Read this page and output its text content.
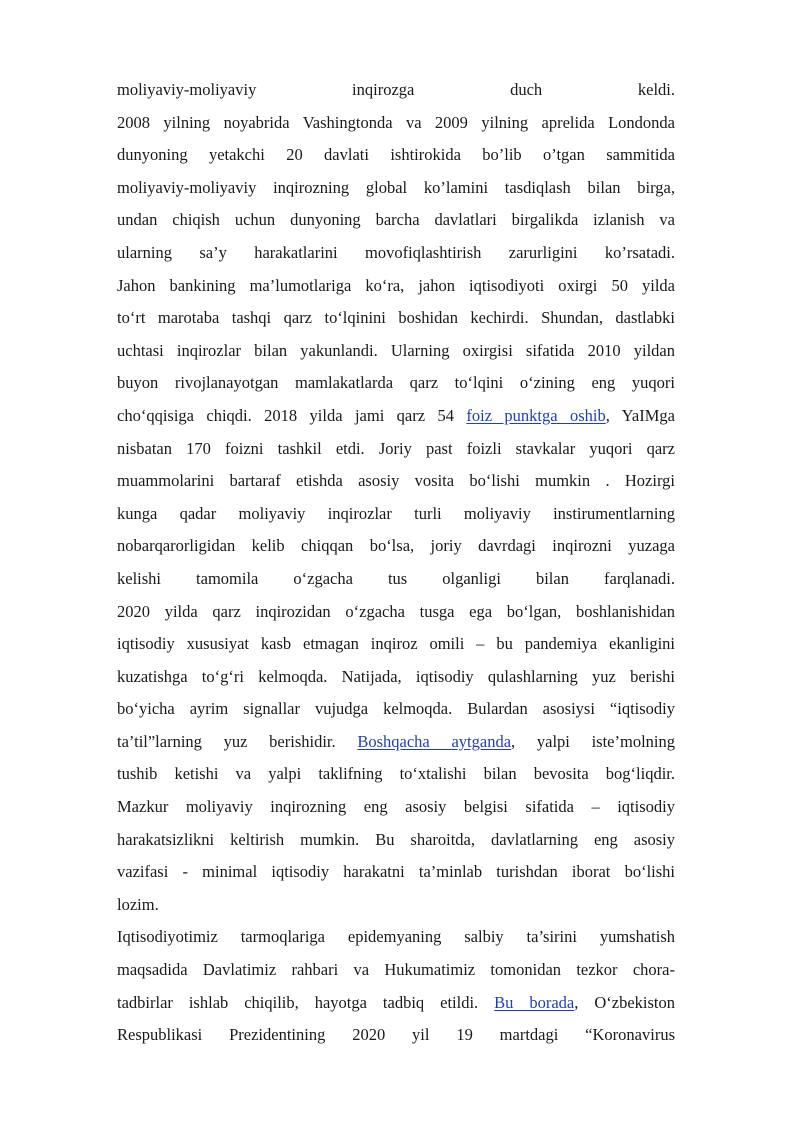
moliyaviy-moliyaviy inqirozga duch keldi.
2008 yilning noyabrida Vashingtonda va 2009 yilning aprelida Londonda
dunyoning yetakchi 20 davlati ishtirokida bo’lib o’tgan sammitida
moliyaviy-moliyaviy inqirozning global ko’lamini tasdiqlash bilan birga,
undan chiqish uchun dunyoning barcha davlatlari birgalikda izlanish va
ularning sa’y harakatlarini movofiqlashtirish zarurligini ko’rsatadi.
Jahon bankining ma’lumotlariga ko‘ra, jahon iqtisodiyoti oxirgi 50 yilda
to‘rt marotaba tashqi qarz to‘lqinini boshidan kechirdi. Shundan, dastlabki
uchtasi inqirozlar bilan yakunlandi. Ularning oxirgisi sifatida 2010 yildan
buyon rivojlanayotgan mamlakatlarda qarz to‘lqini o‘zining eng yuqori
cho‘qqisiga chiqdi. 2018 yilda jami qarz 54 foiz punktga oshib, YaIMga
nisbatan 170 foizni tashkil etdi. Joriy past foizli stavkalar yuqori qarz
muammolarini bartaraf etishda asosiy vosita bo‘lishi mumkin . Hozirgi
kunga qadar moliyaviy inqirozlar turli moliyaviy instirumentlarning
nobarqarorligidan kelib chiqqan bo‘lsa, joriy davrdagi inqirozni yuzaga
kelishi tamomila o‘zgacha tus olganligi bilan farqlanadi.
2020 yilda qarz inqirozidan o‘zgacha tusga ega bo‘lgan, boshlanishidan
iqtisodiy xususiyat kasb etmagan inqiroz omili – bu pandemiya ekanligini
kuzatishga to‘g‘ri kelmoqda. Natijada, iqtisodiy qulashlarning yuz berishi
bo‘yicha ayrim signallar vujudga kelmoqda. Bulardan asosiysi “iqtisodiy
ta’til”larning yuz berishidir. Boshqacha aytganda, yalpi iste’molning
tushib ketishi va yalpi taklifning to‘xtalishi bilan bevosita bog‘liqdir.
Mazkur moliyaviy inqirozning eng asosiy belgisi sifatida – iqtisodiy
harakatsizlikni keltirish mumkin. Bu sharoitda, davlatlarning eng asosiy
vazifasi - minimal iqtisodiy harakatni ta’minlab turishdan iborat bo‘lishi
lozim.
Iqtisodiyotimiz tarmoqlariga epidemyaning salbiy ta’sirini yumshatish
maqsadida Davlatimiz rahbari va Hukumatimiz tomonidan tezkor chora-
tadbirlar ishlab chiqilib, hayotga tadbiq etildi. Bu borada, O‘zbekiston
Respublikasi Prezidentining 2020 yil 19 martdagi “Koronavirus
